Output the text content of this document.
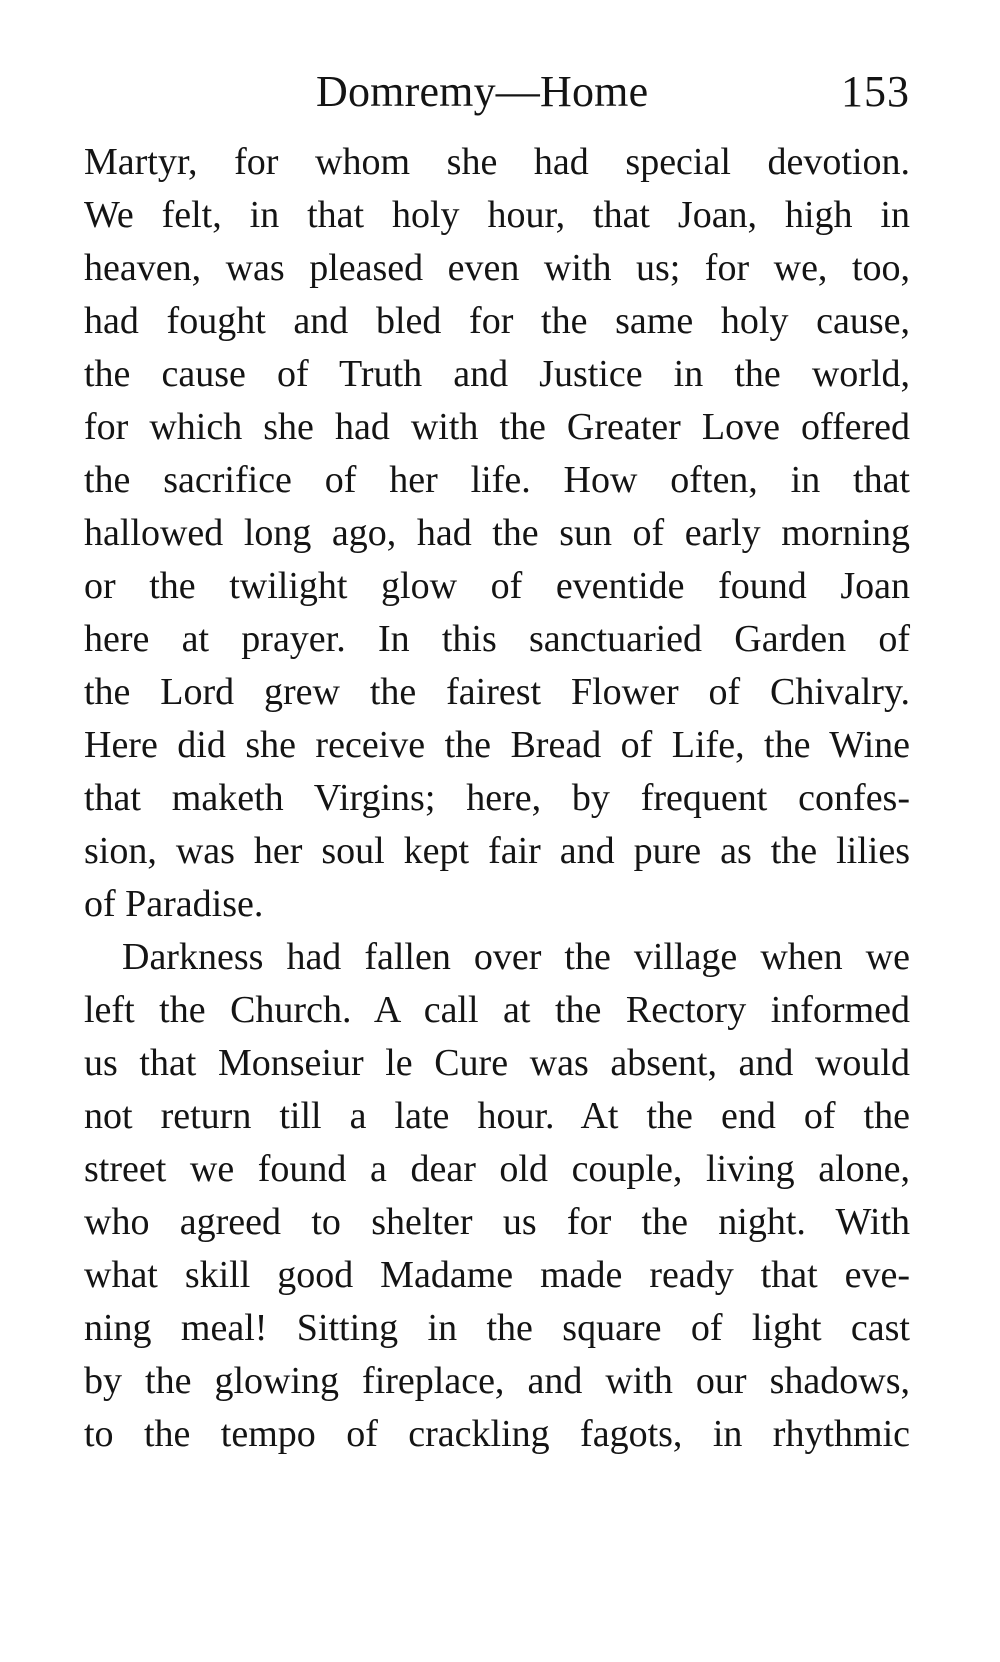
Domremy—Home	153
Martyr, for whom she had special devotion.
We felt, in that holy hour, that Joan, high in
heaven, was pleased even with us; for we, too,
had fought and bled for the same holy cause,
the cause of Truth and Justice in the world,
for which she had with the Greater Love offered
the sacrifice of her life. How often, in that
hallowed long ago, had the sun of early morning
or the twilight glow of eventide found Joan
here at prayer. In this sanctuaried Garden of
the Lord grew the fairest Flower of Chivalry.
Here did she receive the Bread of Life, the Wine
that maketh Virgins; here, by frequent confes-
sion, was her soul kept fair and pure as the lilies
of Paradise.
Darkness had fallen over the village when we
left the Church. A call at the Rectory informed
us that Monseiur le Cure was absent, and would
not return till a late hour. At the end of the
street we found a dear old couple, living alone,
who agreed to shelter us for the night. With
what skill good Madame made ready that eve-
ning meal! Sitting in the square of light cast
by the glowing fireplace, and with our shadows,
to the tempo of crackling fagots, in rhythmic
